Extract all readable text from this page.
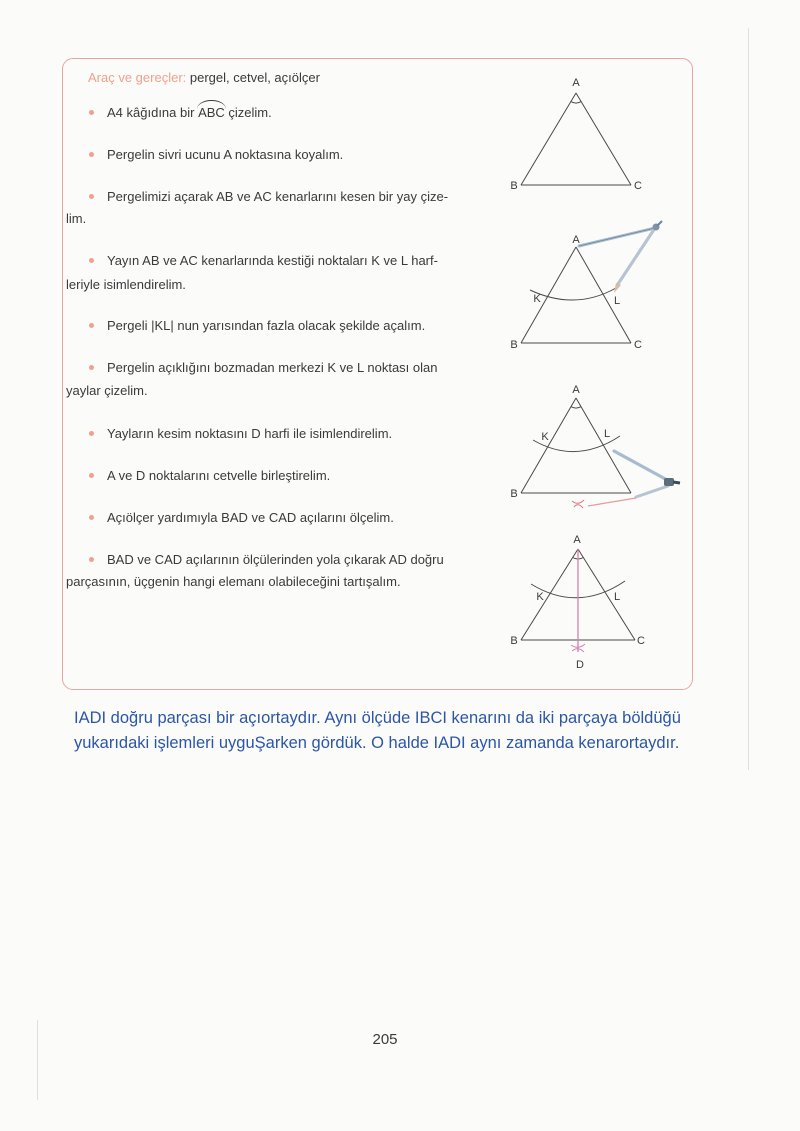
Araç ve gereçler: pergel, cetvel, açıölçer
A4 kâğıdına bir ABC çizelim.
Pergelin sivri ucunu A noktasına koyalım.
Pergelimizi açarak AB ve AC kenarlarını kesen bir yay çize-
lim.
Yayın AB ve AC kenarlarında kestiği noktaları K ve L harf-
leriyle isimlendirelim.
Pergeli |KL| nun yarısından fazla olacak şekilde açalım.
Pergelin açıklığını bozmadan merkezi K ve L noktası olan
yaylar çizelim.
Yayların kesim noktasını D harfi ile isimlendirelim.
A ve D noktalarını cetvelle birleştirelim.
Açıölçer yardımıyla BAD ve CAD açılarını ölçelim.
BAD ve CAD açılarının ölçülerinden yola çıkarak AD doğru
parçasının, üçgenin hangi elemanı olabileceğini tartışalım.
A
B	C
A
B	C
K	L
A
B
K	L
A
B	C
K	L
D
IADI doğru parçası bir açıortaydır. Aynı ölçüde IBCI kenarını da iki parçaya böldüğü
yukarıdaki işlemleri uyguŞarken gördük. O halde IADI aynı zamanda kenarortaydır.
205
